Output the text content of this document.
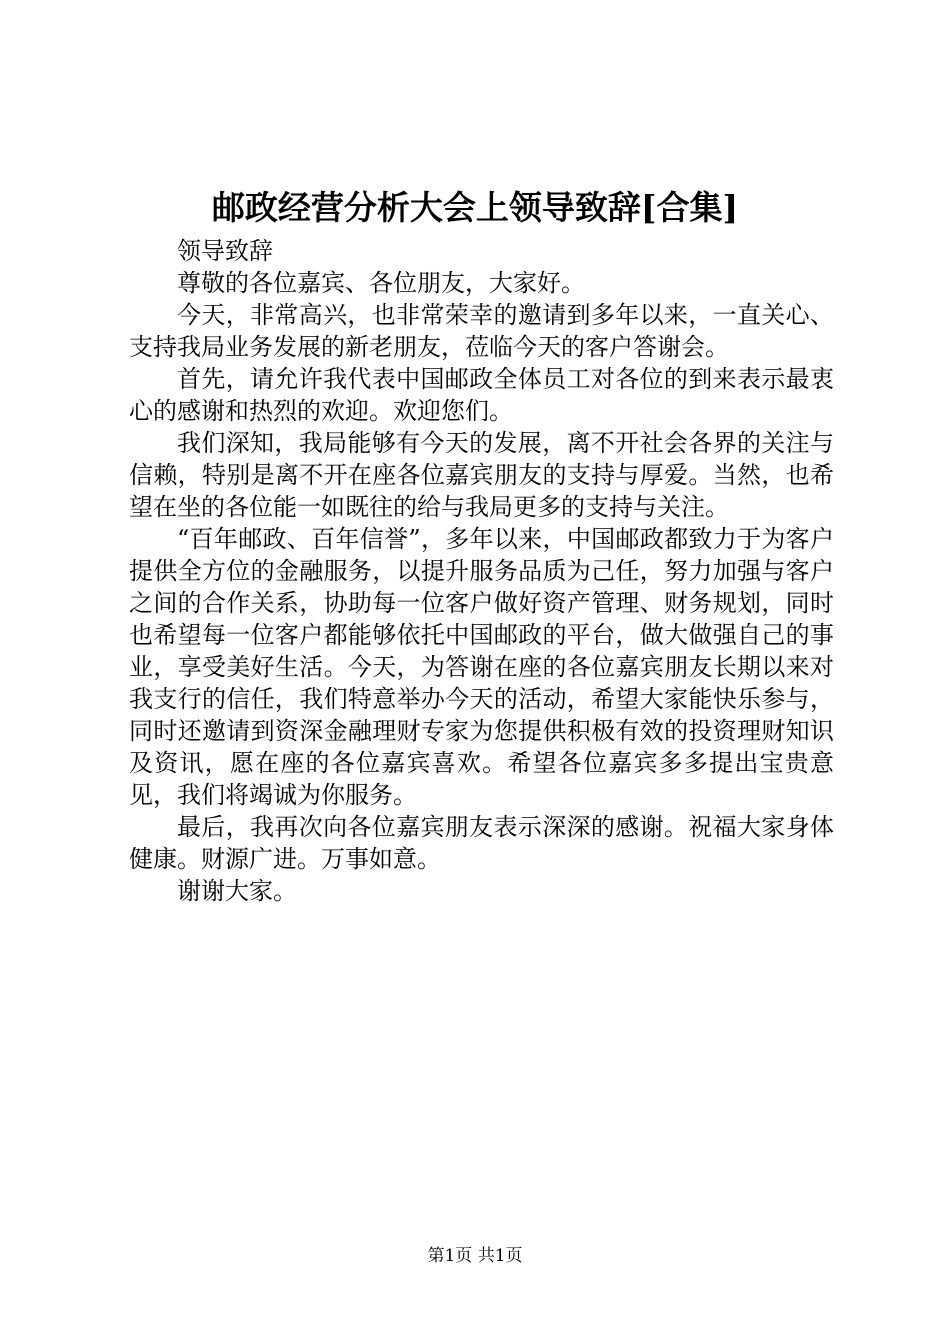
邮政经营分析大会上领导致辞[合集]

领导致辞

尊敬的各位嘉宾、各位朋友，大家好。

今天，非常高兴，也非常荣幸的邀请到多年以来，一直关心、支持我局业务发展的新老朋友，莅临今天的客户答谢会。

首先，请允许我代表中国邮政全体员工对各位的到来表示最衷心的感谢和热烈的欢迎。欢迎您们。

我们深知，我局能够有今天的发展，离不开社会各界的关注与信赖，特别是离不开在座各位嘉宾朋友的支持与厚爱。当然，也希望在坐的各位能一如既往的给与我局更多的支持与关注。

“百年邮政、百年信誉”，多年以来，中国邮政都致力于为客户提供全方位的金融服务，以提升服务品质为己任，努力加强与客户之间的合作关系，协助每一位客户做好资产管理、财务规划，同时也希望每一位客户都能够依托中国邮政的平台，做大做强自己的事业，享受美好生活。今天，为答谢在座的各位嘉宾朋友长期以来对我支行的信任，我们特意举办今天的活动，希望大家能快乐参与，同时还邀请到资深金融理财专家为您提供积极有效的投资理财知识及资讯，愿在座的各位嘉宾喜欢。希望各位嘉宾多多提出宝贵意见，我们将竭诚为你服务。

最后，我再次向各位嘉宾朋友表示深深的感谢。祝福大家身体健康。财源广进。万事如意。

谢谢大家。

第1页 共1页
